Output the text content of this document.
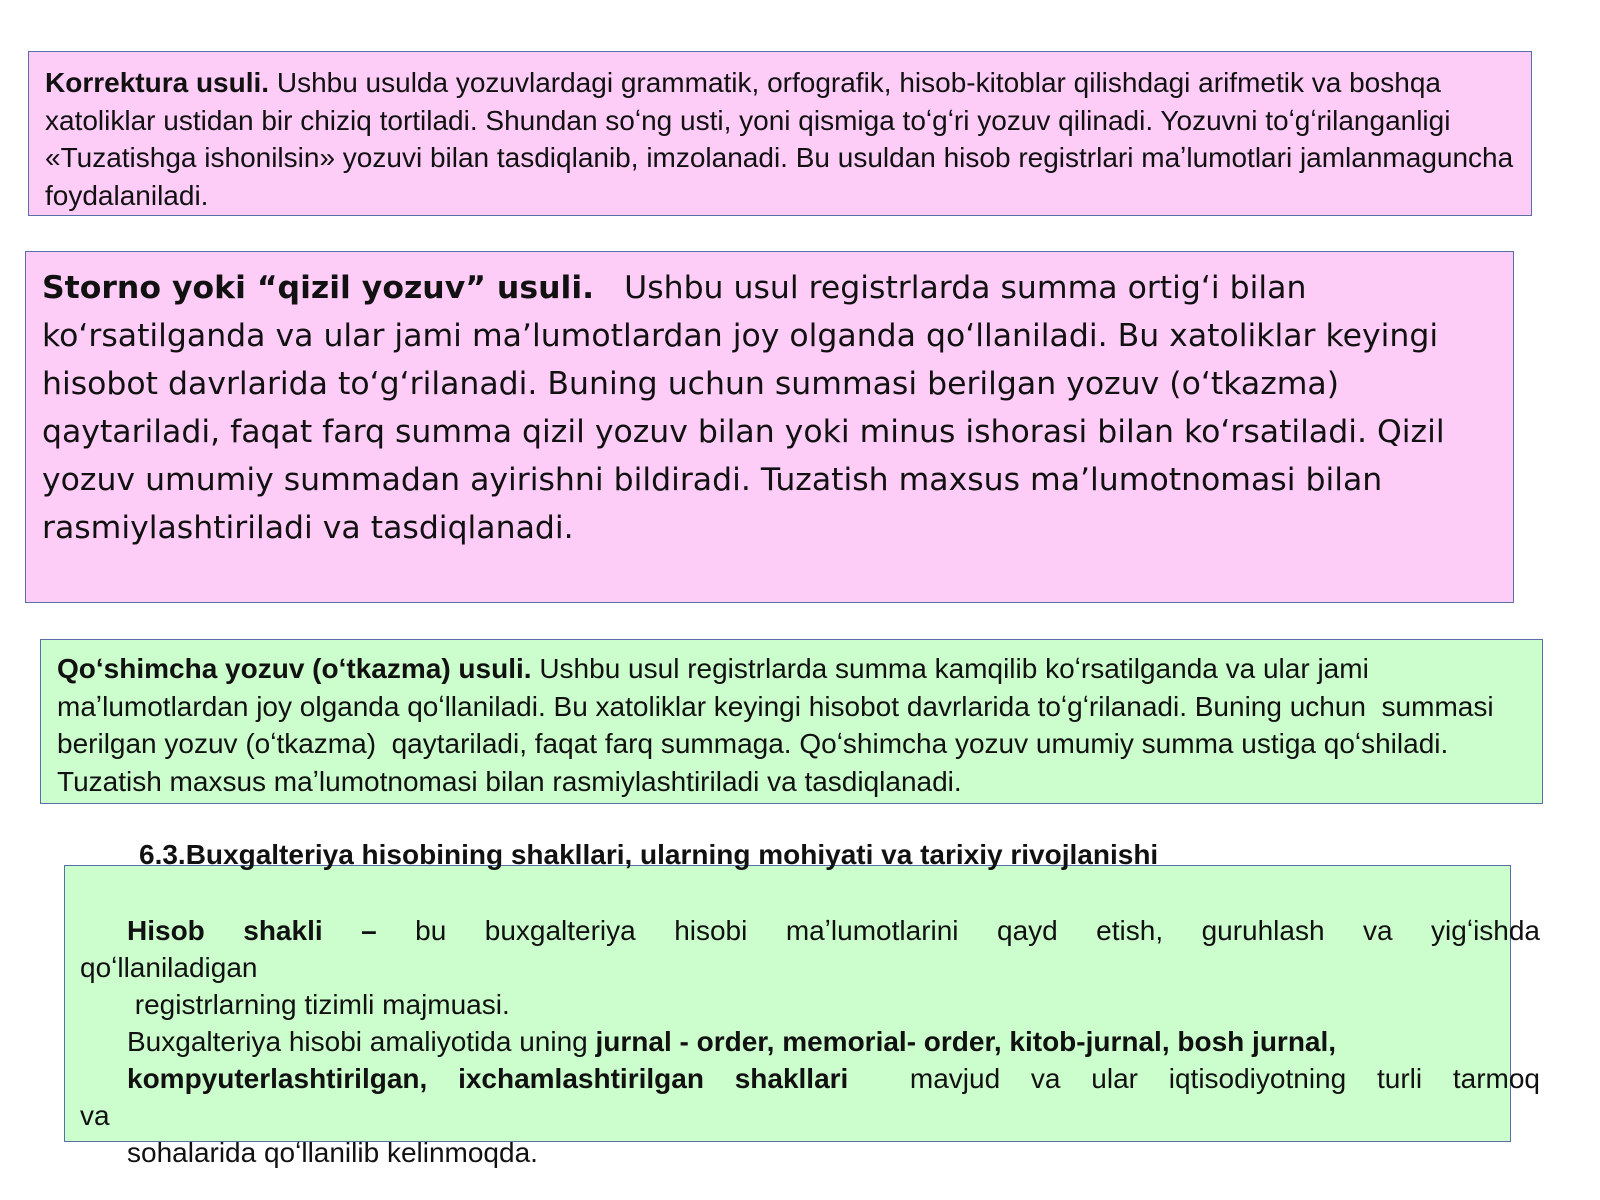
Korrektura usuli. Ushbu usulda yozuvlardagi grammatik, orfografik, hisob-kitoblar qilishdagi arifmetik va boshqa xatoliklar ustidan bir chiziq tortiladi. Shundan soʻng usti, yoni qismiga toʻgʻri yozuv qilinadi. Yozuvni toʻgʻrilanganligi «Tuzatishga ishonilsin» yozuvi bilan tasdiqlanib, imzolanadi. Bu usuldan hisob registrlari maʼlumotlari jamlanmaguncha foydalaniladi.

Storno yoki “qizil yozuv” usuli.   Ushbu usul registrlarda summa ortigʻi bilan koʻrsatilganda va ular jami maʼlumotlardan joy olganda qoʻllaniladi. Bu xatoliklar keyingi hisobot davrlarida toʻgʻrilanadi. Buning uchun summasi berilgan yozuv (oʻtkazma) qaytariladi, faqat farq summa qizil yozuv bilan yoki minus ishorasi bilan koʻrsatiladi. Qizil yozuv umumiy summadan ayirishni bildiradi. Tuzatish maxsus maʼlumotnomasi bilan rasmiylashtiriladi va tasdiqlanadi.

Qoʻshimcha yozuv (oʻtkazma) usuli. Ushbu usul registrlarda summa kamqilib koʻrsatilganda va ular jami maʼlumotlardan joy olganda qoʻllaniladi. Bu xatoliklar keyingi hisobot davrlarida toʻgʻrilanadi. Buning uchun  summasi berilgan yozuv (oʻtkazma)  qaytariladi, faqat farq summaga. Qoʻshimcha yozuv umumiy summa ustiga qoʻshiladi. Tuzatish maxsus maʼlumotnomasi bilan rasmiylashtiriladi va tasdiqlanadi.

6.3.Buxgalteriya hisobining shakllari, ularning mohiyati va tarixiy rivojlanishi

Hisob shakli – bu buxgalteriya hisobi maʼlumotlarini qayd etish, guruhlash va yigʻishda

qoʻllaniladigan

registrlarning tizimli majmuasi.

Buxgalteriya hisobi amaliyotida uning jurnal - order, memorial- order, kitob-jurnal, bosh jurnal,

kompyuterlashtirilgan, ixchamlashtirilgan shakllari  mavjud va ular iqtisodiyotning turli tarmoq

va

sohalarida qoʻllanilib kelinmoqda.
